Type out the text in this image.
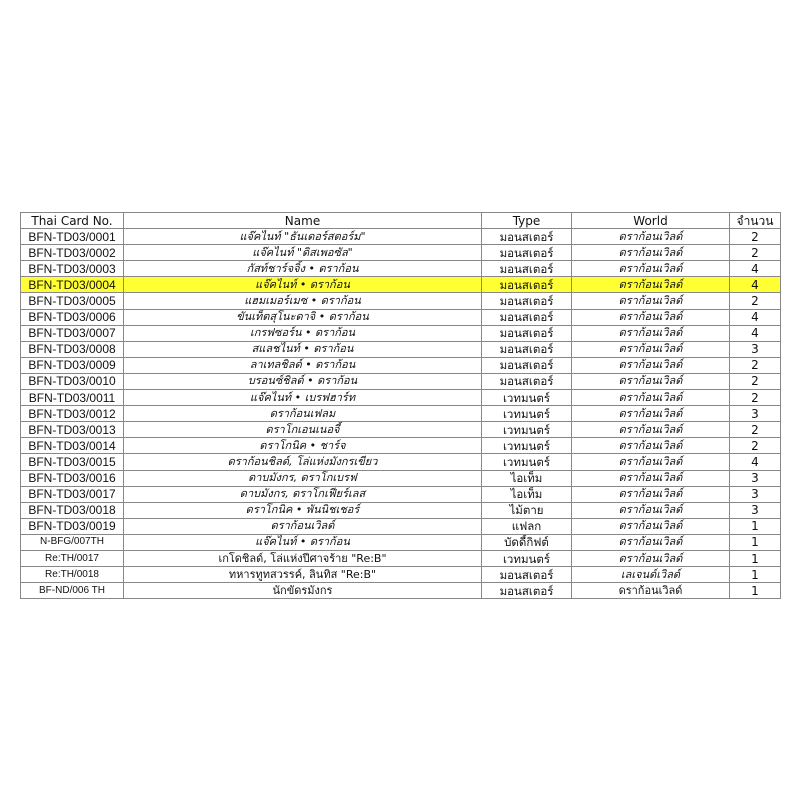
Thai Card No.	Name	Type	World	จำนวน
BFN-TD03/0001	แจ๊คไนท์ "ธันเดอร์สตอร์ม"	มอนสเตอร์	ดราก้อนเวิลด์	2
BFN-TD03/0002	แจ๊คไนท์ "ดิสเพอซัล"	มอนสเตอร์	ดราก้อนเวิลด์	2
BFN-TD03/0003	กัสท์ชาร์จจิ้ง • ดราก้อน	มอนสเตอร์	ดราก้อนเวิลด์	4
BFN-TD03/0004	แจ๊คไนท์ • ดราก้อน	มอนสเตอร์	ดราก้อนเวิลด์	4
BFN-TD03/0005	แฮมเมอร์เมซ • ดราก้อน	มอนสเตอร์	ดราก้อนเวิลด์	2
BFN-TD03/0006	ขันเท็ตสุโนะดาจิ • ดราก้อน	มอนสเตอร์	ดราก้อนเวิลด์	4
BFN-TD03/0007	เกรฟซอร์น • ดราก้อน	มอนสเตอร์	ดราก้อนเวิลด์	4
BFN-TD03/0008	สแลชไนท์ • ดราก้อน	มอนสเตอร์	ดราก้อนเวิลด์	3
BFN-TD03/0009	ลาเทลชิลด์ • ดราก้อน	มอนสเตอร์	ดราก้อนเวิลด์	2
BFN-TD03/0010	บรอนซ์ชิลด์ • ดราก้อน	มอนสเตอร์	ดราก้อนเวิลด์	2
BFN-TD03/0011	แจ๊คไนท์ • เบรฟฮาร์ท	เวทมนตร์	ดราก้อนเวิลด์	2
BFN-TD03/0012	ดราก้อนเฟลม	เวทมนตร์	ดราก้อนเวิลด์	3
BFN-TD03/0013	ดราโกเอนเนอจี้	เวทมนตร์	ดราก้อนเวิลด์	2
BFN-TD03/0014	ดราโกนิค • ชาร์จ	เวทมนตร์	ดราก้อนเวิลด์	2
BFN-TD03/0015	ดราก้อนชิลด์, โล่แห่งมังกรเขียว	เวทมนตร์	ดราก้อนเวิลด์	4
BFN-TD03/0016	ดาบมังกร, ดราโกเบรฟ	ไอเท็ม	ดราก้อนเวิลด์	3
BFN-TD03/0017	ดาบมังกร, ดราโกเฟียร์เลส	ไอเท็ม	ดราก้อนเวิลด์	3
BFN-TD03/0018	ดราโกนิค • พันนิชเชอร์	ไม้ตาย	ดราก้อนเวิลด์	3
BFN-TD03/0019	ดราก้อนเวิลด์	แฟลก	ดราก้อนเวิลด์	1
N-BFG/007TH	แจ๊คไนท์ • ดราก้อน	บัดดี้กิฟต์	ดราก้อนเวิลด์	1
Re:TH/0017	เกโดชิลด์, โล่แห่งปีศาจร้าย "Re:B"	เวทมนตร์	ดราก้อนเวิลด์	1
Re:TH/0018	ทหารทูทสวรรค์, ลินทิส "Re:B"	มอนสเตอร์	เลเจนด์เวิลด์	1
BF-ND/006 TH	นักขัดรมังกร	มอนสเตอร์	ดราก้อนเวิลด์	1
